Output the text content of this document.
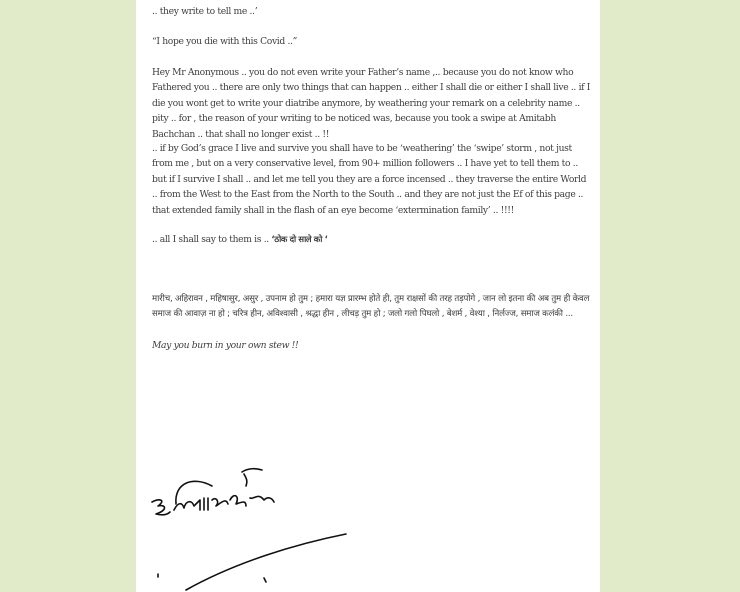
.. they write to tell me ..’

“I hope you die with this Covid ..”

Hey Mr Anonymous .. you do not even write your Father’s name ,.. because you do not know who Fathered you .. there are only two things that can happen .. either I shall die or either I shall live .. if I die you wont get to write your diatribe anymore, by weathering your remark on a celebrity name .. pity .. for , the reason of your writing to be noticed was, because you took a swipe at Amitabh Bachchan .. that shall no longer exist .. !!

.. if by God’s grace I live and survive you shall have to be ‘weathering’ the ‘swipe’ storm , not just from me , but on a very conservative level, from 90+ million followers .. I have yet to tell them to .. but if I survive I shall .. and let me tell you they are a force incensed .. they traverse the entire World .. from the West to the East from the North to the South .. and they are not just the Ef of this page .. that extended family shall in the flash of an eye become ‘extermination family’ .. !!!!

.. all I shall say to them is .. ‘ठोक दो साले को ‘

मारीच, अहिरावन , महिषासुर, असुर , उपनाम हो तुम ; हमारा यज्ञ प्रारम्भ होते ही, तुम राक्षसों की तरह तड़पोगे , जान लो इतना की अब तुम ही केवल समाज की आवाज़ ना हो ; चरित्र हीन, अविश्वासी , श्रद्धा हीन , लीचड़ तुम हो ; जलो गलो पिघलो , बेशर्म , वेश्या , निर्लज्ज, समाज कलंकी ...

May you burn in your own stew !!
